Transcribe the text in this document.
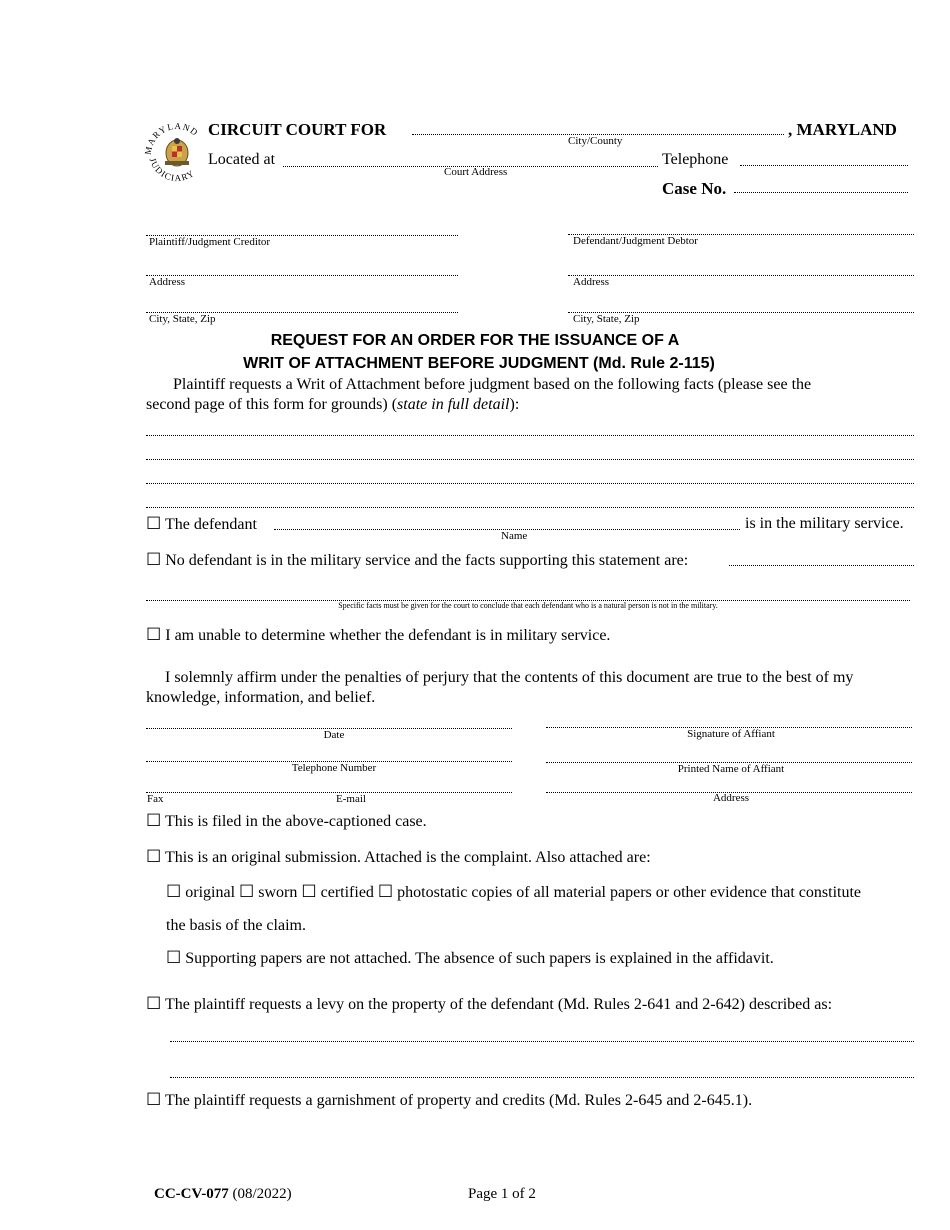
MARYLAND
JUDICIARY
CIRCUIT COURT FOR
City/County
, MARYLAND
Located at
Court Address
Telephone
Case No.
Plaintiff/Judgment Creditor	Defendant/Judgment Debtor
Address	Address
City, State, Zip	City, State, Zip
REQUEST FOR AN ORDER FOR THE ISSUANCE OF A
WRIT OF ATTACHMENT BEFORE JUDGMENT (Md. Rule 2-115)
Plaintiff requests a Writ of Attachment before judgment based on the following facts (please see the
second page of this form for grounds) (state in full detail):
☐ The defendant
Name
is in the military service.
☐ No defendant is in the military service and the facts supporting this statement are:
Specific facts must be given for the court to conclude that each defendant who is a natural person is not in the military.
☐ I am unable to determine whether the defendant is in military service.
I solemnly affirm under the penalties of perjury that the contents of this document are true to the best of my
knowledge, information, and belief.
Date	Signature of Affiant
Telephone Number	Printed Name of Affiant
Fax	E-mail	Address
☐ This is filed in the above-captioned case.
☐ This is an original submission. Attached is the complaint. Also attached are:
☐ original ☐ sworn ☐ certified ☐ photostatic copies of all material papers or other evidence that constitute
the basis of the claim.
☐ Supporting papers are not attached. The absence of such papers is explained in the affidavit.
☐ The plaintiff requests a levy on the property of the defendant (Md. Rules 2-641 and 2-642) described as:
☐ The plaintiff requests a garnishment of property and credits (Md. Rules 2-645 and 2-645.1).
CC-CV-077 (08/2022)	Page 1 of 2
